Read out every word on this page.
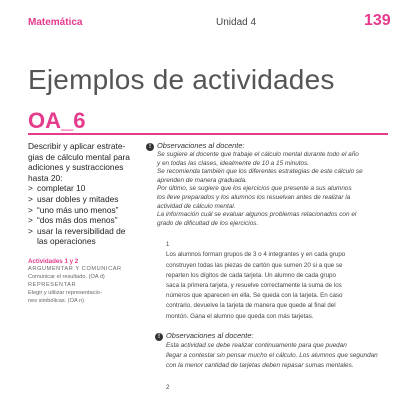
Matemática	Unidad 4	139
Ejemplos de actividades
OA_6
Describir y aplicar estrate-
gias de cálculo mental para
adiciones y sustracciones
hasta 20:
> completar 10
> usar dobles y mitades
> “uno más uno menos”
> “dos más dos menos”
> usar la reversibilidad de
las operaciones
Actividades 1 y 2
ARGUMENTAR Y COMUNICAR
Comunicar el resultado. (OA d)
REPRESENTAR
Elegir y utilizar representacio-
nes simbólicas. (OA n)
! Observaciones al docente:
Se sugiere al docente que trabaje el cálculo mental durante todo el año
y en todas las clases, idealmente de 10 a 15 minutos.
Se recomienda también que los diferentes estrategias de este cálculo se
aprenden de manera graduada.
Por último, se sugiere que los ejercicios que presente a sus alumnos
los lleve preparados y los alumnos los resuelvan antes de realizar la
actividad de cálculo mental.
La información cuál se evaluar algunos problemas relacionados con el
grado de dificultad de los ejercicios.
1
Los alumnos forman grupos de 3 o 4 integrantes y en cada grupo
construyen todas las piezas de cartón que sumen 20 si a que se
reparten los dígitos de cada tarjeta. Un alumno de cada grupo
saca la primera tarjeta, y resuelve correctamente la suma de los
números que aparecen en ella. Se queda con la tarjeta. En caso
contrario, devuelve la tarjeta de manera que quede al final del
montón. Gana el alumno que queda con más tarjetas.
! Observaciones al docente:
Esta actividad se debe realizar continuamente para que puedan
llegar a contestar sin pensar mucho el cálculo. Los alumnos que segundan
con la menor cantidad de tarjetas deben repasar sumas mentales.
2
